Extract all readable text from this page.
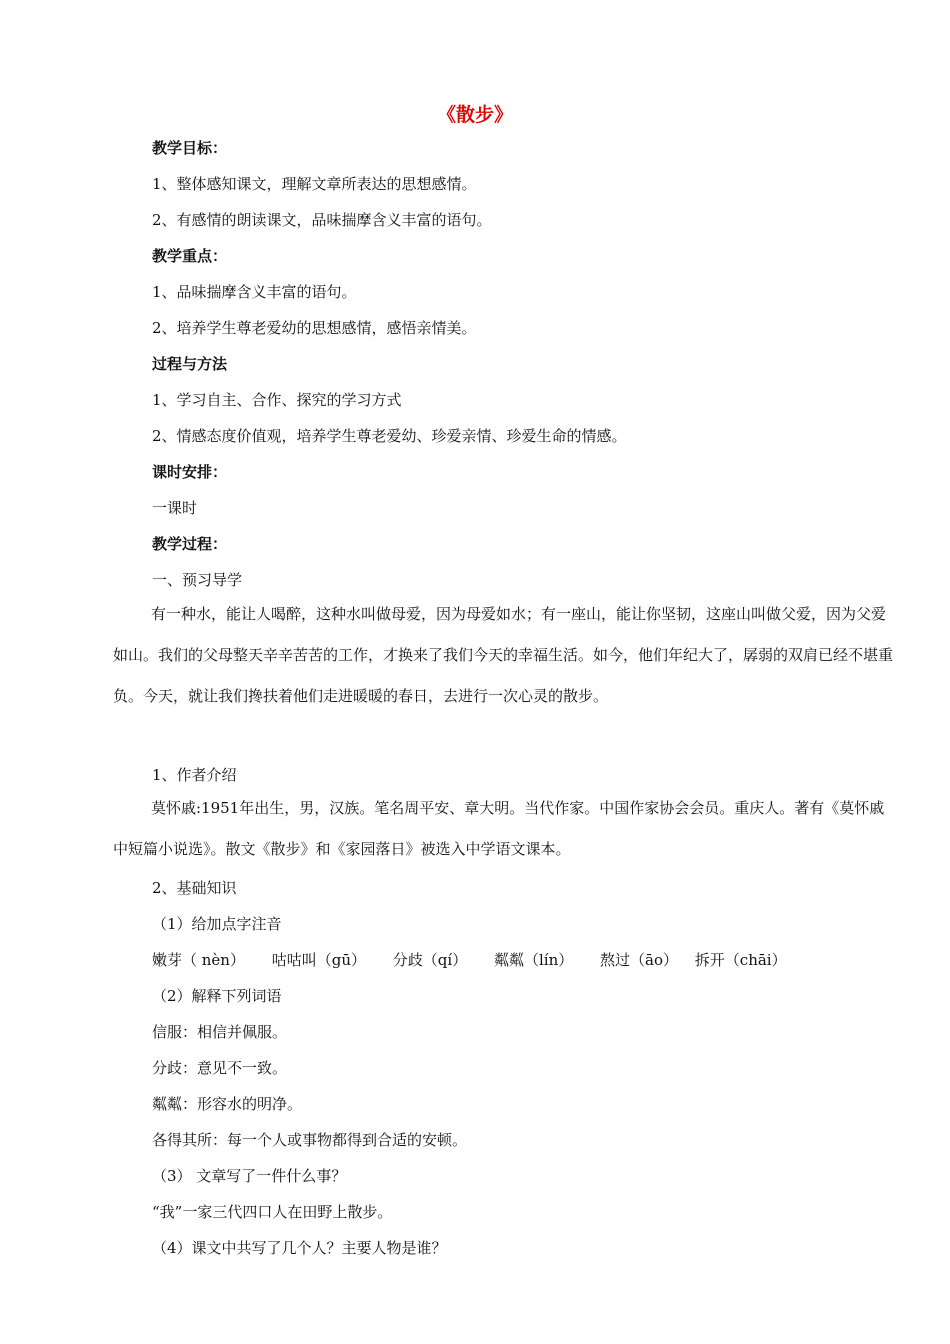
《散步》
教学目标：
1、整体感知课文，理解文章所表达的思想感情。
2、有感情的朗读课文，品味揣摩含义丰富的语句。
教学重点：
1、品味揣摩含义丰富的语句。
2、培养学生尊老爱幼的思想感情，感悟亲情美。
过程与方法
1、学习自主、合作、探究的学习方式
2、情感态度价值观，培养学生尊老爱幼、珍爱亲情、珍爱生命的情感。
课时安排：
一课时
教学过程：
一、预习导学
有一种水，能让人喝醉，这种水叫做母爱，因为母爱如水；有一座山，能让你坚韧，这座山叫做父爱，因为父爱如山。我们的父母整天辛辛苦苦的工作，才换来了我们今天的幸福生活。如今，他们年纪大了，孱弱的双肩已经不堪重负。今天，就让我们搀扶着他们走进暖暖的春日，去进行一次心灵的散步。
1、作者介绍
莫怀戚:1951年出生，男，汉族。笔名周平安、章大明。当代作家。中国作家协会会员。重庆人。著有《莫怀戚中短篇小说选》。散文《散步》和《家园落日》被选入中学语文课本。
2、基础知识
（1）给加点字注音
嫩芽（ nèn） 咕咕叫（gū） 分歧（qí） 粼粼（lín） 熬过（āo） 拆开（chāi）
（2）解释下列词语
信服：相信并佩服。
分歧：意见不一致。
粼粼：形容水的明净。
各得其所：每一个人或事物都得到合适的安顿。
（3） 文章写了一件什么事？
“我”一家三代四口人在田野上散步。
（4）课文中共写了几个人？主要人物是谁？
